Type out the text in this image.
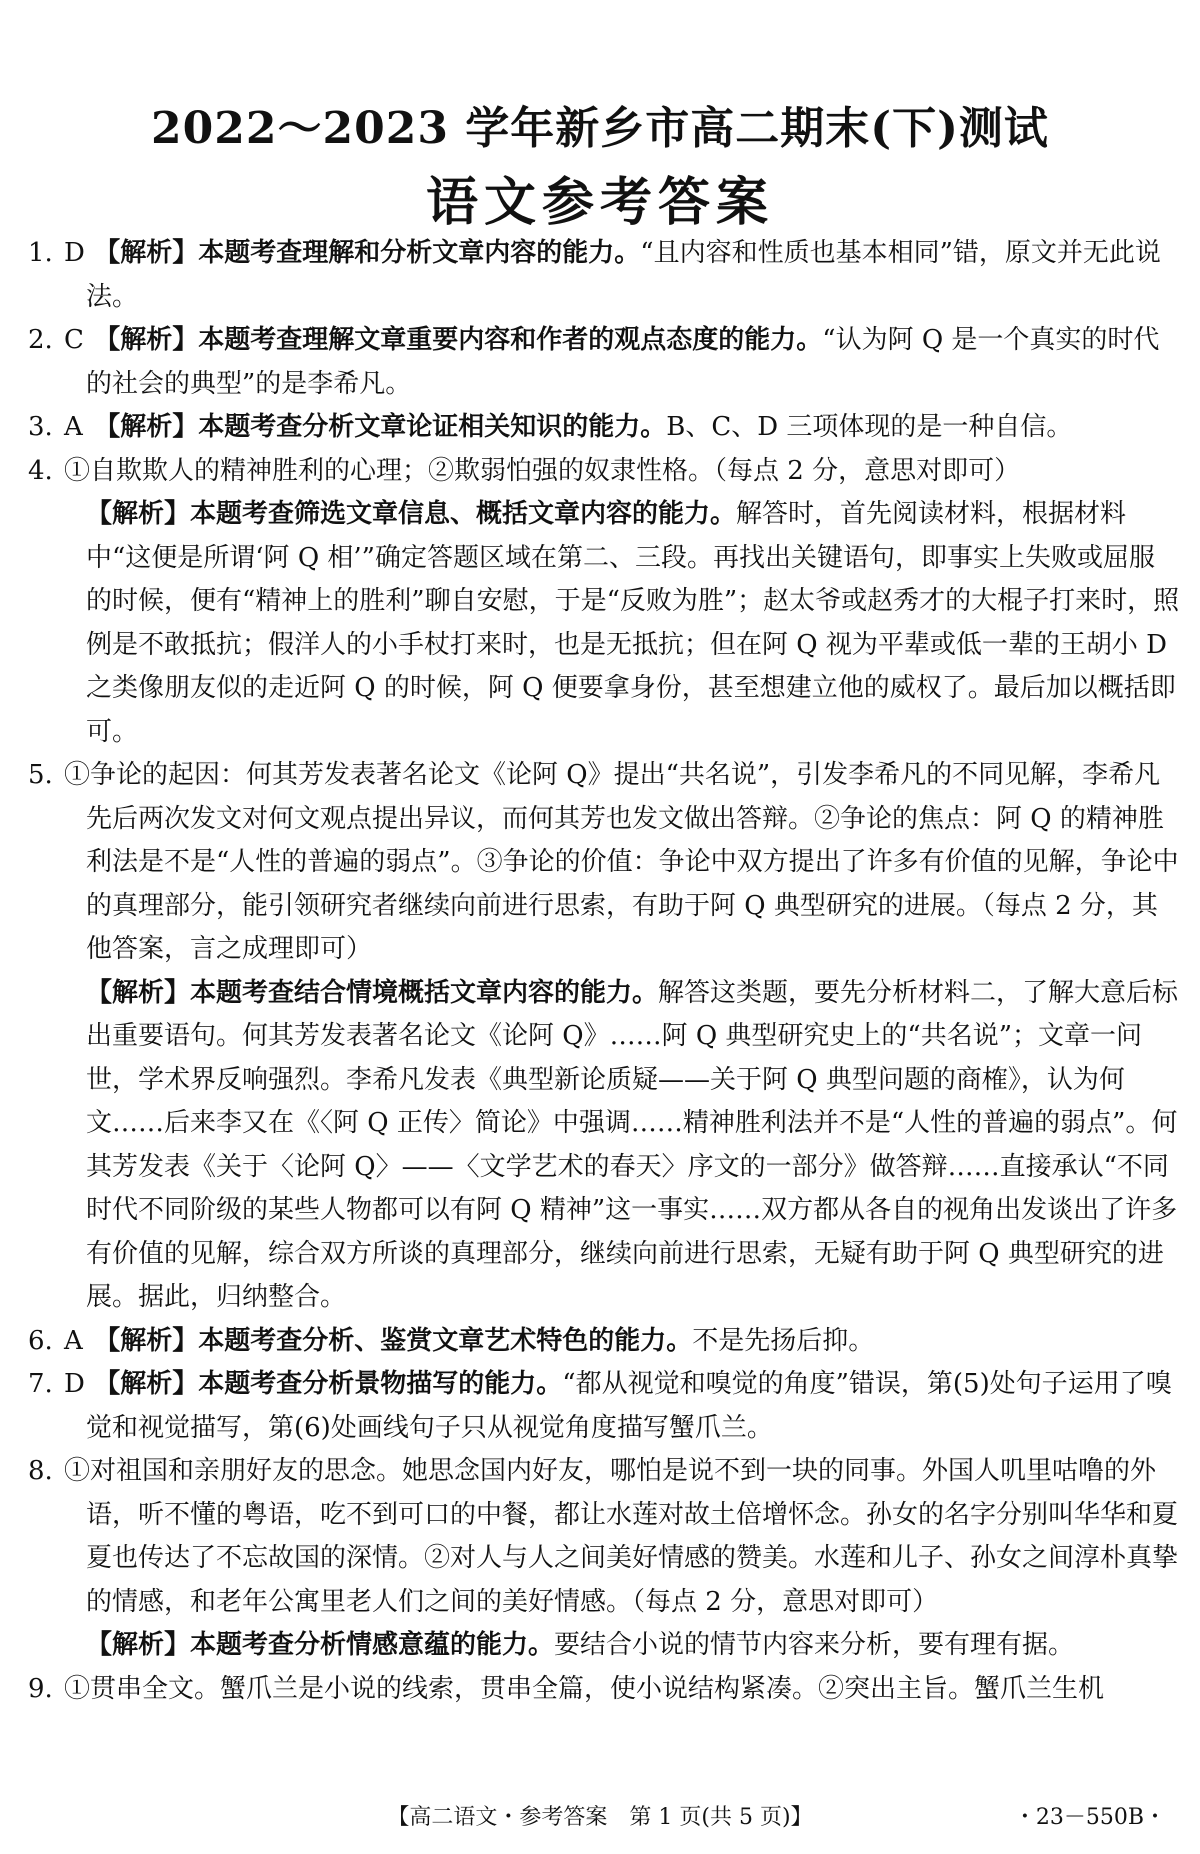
2022～2023 学年新乡市高二期末(下)测试
语文参考答案

1. D 【解析】本题考查理解和分析文章内容的能力。“且内容和性质也基本相同”错，原文并无此说法。

2. C 【解析】本题考查理解文章重要内容和作者的观点态度的能力。“认为阿 Q 是一个真实的时代的社会的典型”的是李希凡。

3. A 【解析】本题考查分析文章论证相关知识的能力。B、C、D 三项体现的是一种自信。

4. ①自欺欺人的精神胜利的心理；②欺弱怕强的奴隶性格。（每点 2 分，意思对即可）

【解析】本题考查筛选文章信息、概括文章内容的能力。解答时，首先阅读材料，根据材料中“这便是所谓‘阿 Q 相’”确定答题区域在第二、三段。再找出关键语句，即事实上失败或屈服的时候，便有“精神上的胜利”聊自安慰，于是“反败为胜”；赵太爷或赵秀才的大棍子打来时，照例是不敢抵抗；假洋人的小手杖打来时，也是无抵抗；但在阿 Q 视为平辈或低一辈的王胡小 D 之类像朋友似的走近阿 Q 的时候，阿 Q 便要拿身份，甚至想建立他的威权了。最后加以概括即可。

5. ①争论的起因：何其芳发表著名论文《论阿 Q》提出“共名说”，引发李希凡的不同见解，李希凡先后两次发文对何文观点提出异议，而何其芳也发文做出答辩。②争论的焦点：阿 Q 的精神胜利法是不是“人性的普遍的弱点”。③争论的价值：争论中双方提出了许多有价值的见解，争论中的真理部分，能引领研究者继续向前进行思索，有助于阿 Q 典型研究的进展。（每点 2 分，其他答案，言之成理即可）

【解析】本题考查结合情境概括文章内容的能力。解答这类题，要先分析材料二，了解大意后标出重要语句。何其芳发表著名论文《论阿 Q》……阿 Q 典型研究史上的“共名说”；文章一问世，学术界反响强烈。李希凡发表《典型新论质疑——关于阿 Q 典型问题的商榷》，认为何文……后来李又在《〈阿 Q 正传〉简论》中强调……精神胜利法并不是“人性的普遍的弱点”。何其芳发表《关于〈论阿 Q〉——〈文学艺术的春天〉序文的一部分》做答辩……直接承认“不同时代不同阶级的某些人物都可以有阿 Q 精神”这一事实……双方都从各自的视角出发谈出了许多有价值的见解，综合双方所谈的真理部分，继续向前进行思索，无疑有助于阿 Q 典型研究的进展。据此，归纳整合。

6. A 【解析】本题考查分析、鉴赏文章艺术特色的能力。不是先扬后抑。

7. D 【解析】本题考查分析景物描写的能力。“都从视觉和嗅觉的角度”错误，第(5)处句子运用了嗅觉和视觉描写，第(6)处画线句子只从视觉角度描写蟹爪兰。

8. ①对祖国和亲朋好友的思念。她思念国内好友，哪怕是说不到一块的同事。外国人叽里咕噜的外语，听不懂的粤语，吃不到可口的中餐，都让水莲对故土倍增怀念。孙女的名字分别叫华华和夏夏也传达了不忘故国的深情。②对人与人之间美好情感的赞美。水莲和儿子、孙女之间淳朴真挚的情感，和老年公寓里老人们之间的美好情感。（每点 2 分，意思对即可）

【解析】本题考查分析情感意蕴的能力。要结合小说的情节内容来分析，要有理有据。

9. ①贯串全文。蟹爪兰是小说的线索，贯串全篇，使小说结构紧凑。②突出主旨。蟹爪兰生机

【高二语文・参考答案　第 1 页(共 5 页)】	・23－550B・
